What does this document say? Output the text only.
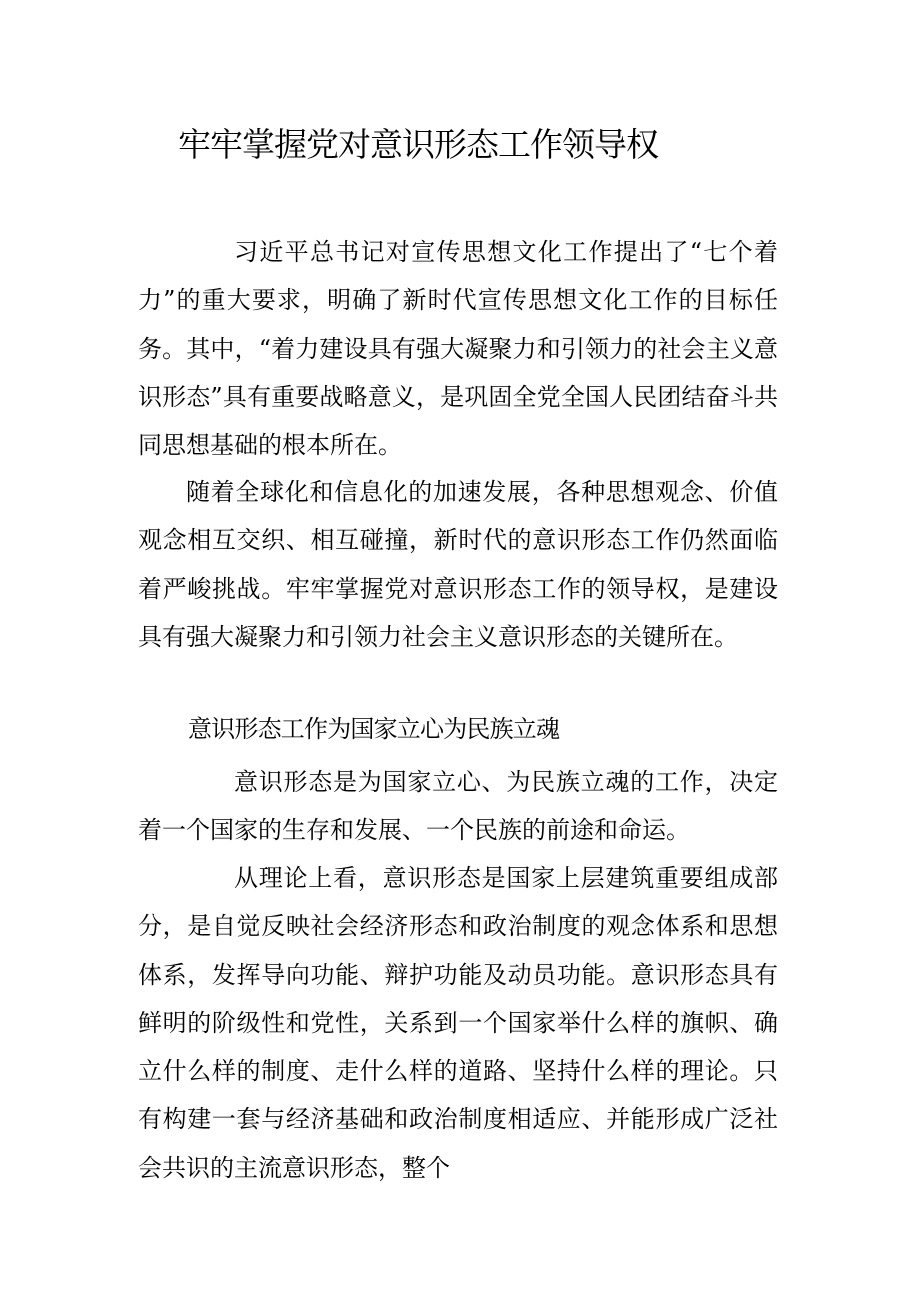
牢牢掌握党对意识形态工作领导权

习近平总书记对宣传思想文化工作提出了“七个着力”的重大要求，明确了新时代宣传思想文化工作的目标任务。其中，“着力建设具有强大凝聚力和引领力的社会主义意识形态”具有重要战略意义，是巩固全党全国人民团结奋斗共同思想基础的根本所在。

随着全球化和信息化的加速发展，各种思想观念、价值观念相互交织、相互碰撞，新时代的意识形态工作仍然面临着严峻挑战。牢牢掌握党对意识形态工作的领导权，是建设具有强大凝聚力和引领力社会主义意识形态的关键所在。

意识形态工作为国家立心为民族立魂

意识形态是为国家立心、为民族立魂的工作，决定着一个国家的生存和发展、一个民族的前途和命运。

从理论上看，意识形态是国家上层建筑重要组成部分，是自觉反映社会经济形态和政治制度的观念体系和思想体系，发挥导向功能、辩护功能及动员功能。意识形态具有鲜明的阶级性和党性，关系到一个国家举什么样的旗帜、确立什么样的制度、走什么样的道路、坚持什么样的理论。只有构建一套与经济基础和政治制度相适应、并能形成广泛社会共识的主流意识形态，整个
